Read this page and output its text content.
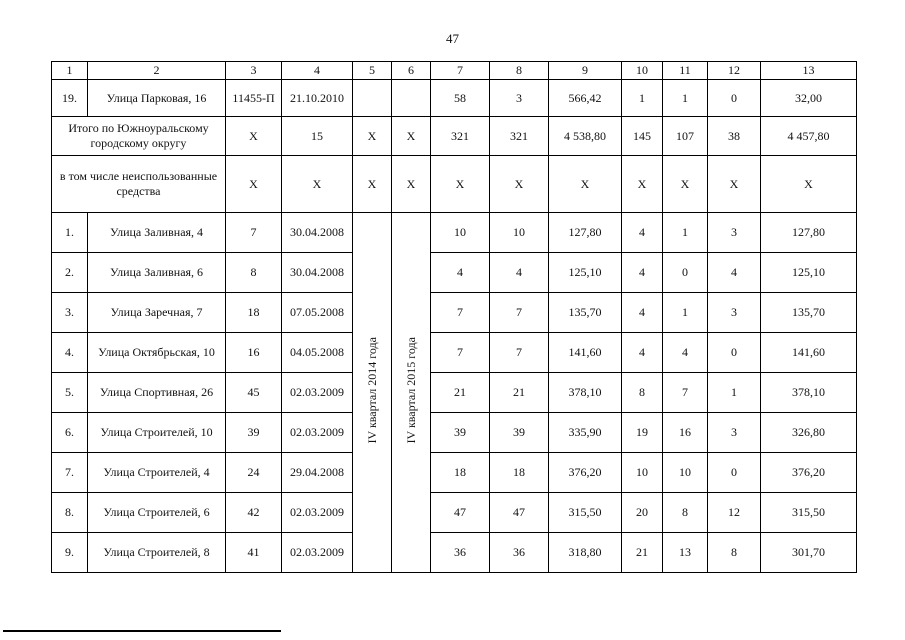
47
1	2	3	4	5	6	7	8	9	10	11	12	13
19.	Улица Парковая, 16	11455-П	21.10.2010			58	3	566,42	1	1	0	32,00
Итого по Южноуральскому городскому округу		Х	15	Х	Х	321	321	4 538,80	145	107	38	4 457,80
в том числе неиспользованные средства		Х	Х	Х	Х	Х	Х	Х	Х	Х	Х	Х
1.	Улица Заливная, 4	7	30.04.2008	IV квартал 2014 года	IV квартал 2015 года	10	10	127,80	4	1	3	127,80
2.	Улица Заливная, 6	8	30.04.2008			4	4	125,10	4	0	4	125,10
3.	Улица Заречная, 7	18	07.05.2008			7	7	135,70	4	1	3	135,70
4.	Улица Октябрьская, 10	16	04.05.2008			7	7	141,60	4	4	0	141,60
5.	Улица Спортивная, 26	45	02.03.2009			21	21	378,10	8	7	1	378,10
6.	Улица Строителей, 10	39	02.03.2009			39	39	335,90	19	16	3	326,80
7.	Улица Строителей, 4	24	29.04.2008			18	18	376,20	10	10	0	376,20
8.	Улица Строителей, 6	42	02.03.2009			47	47	315,50	20	8	12	315,50
9.	Улица Строителей, 8	41	02.03.2009			36	36	318,80	21	13	8	301,70
